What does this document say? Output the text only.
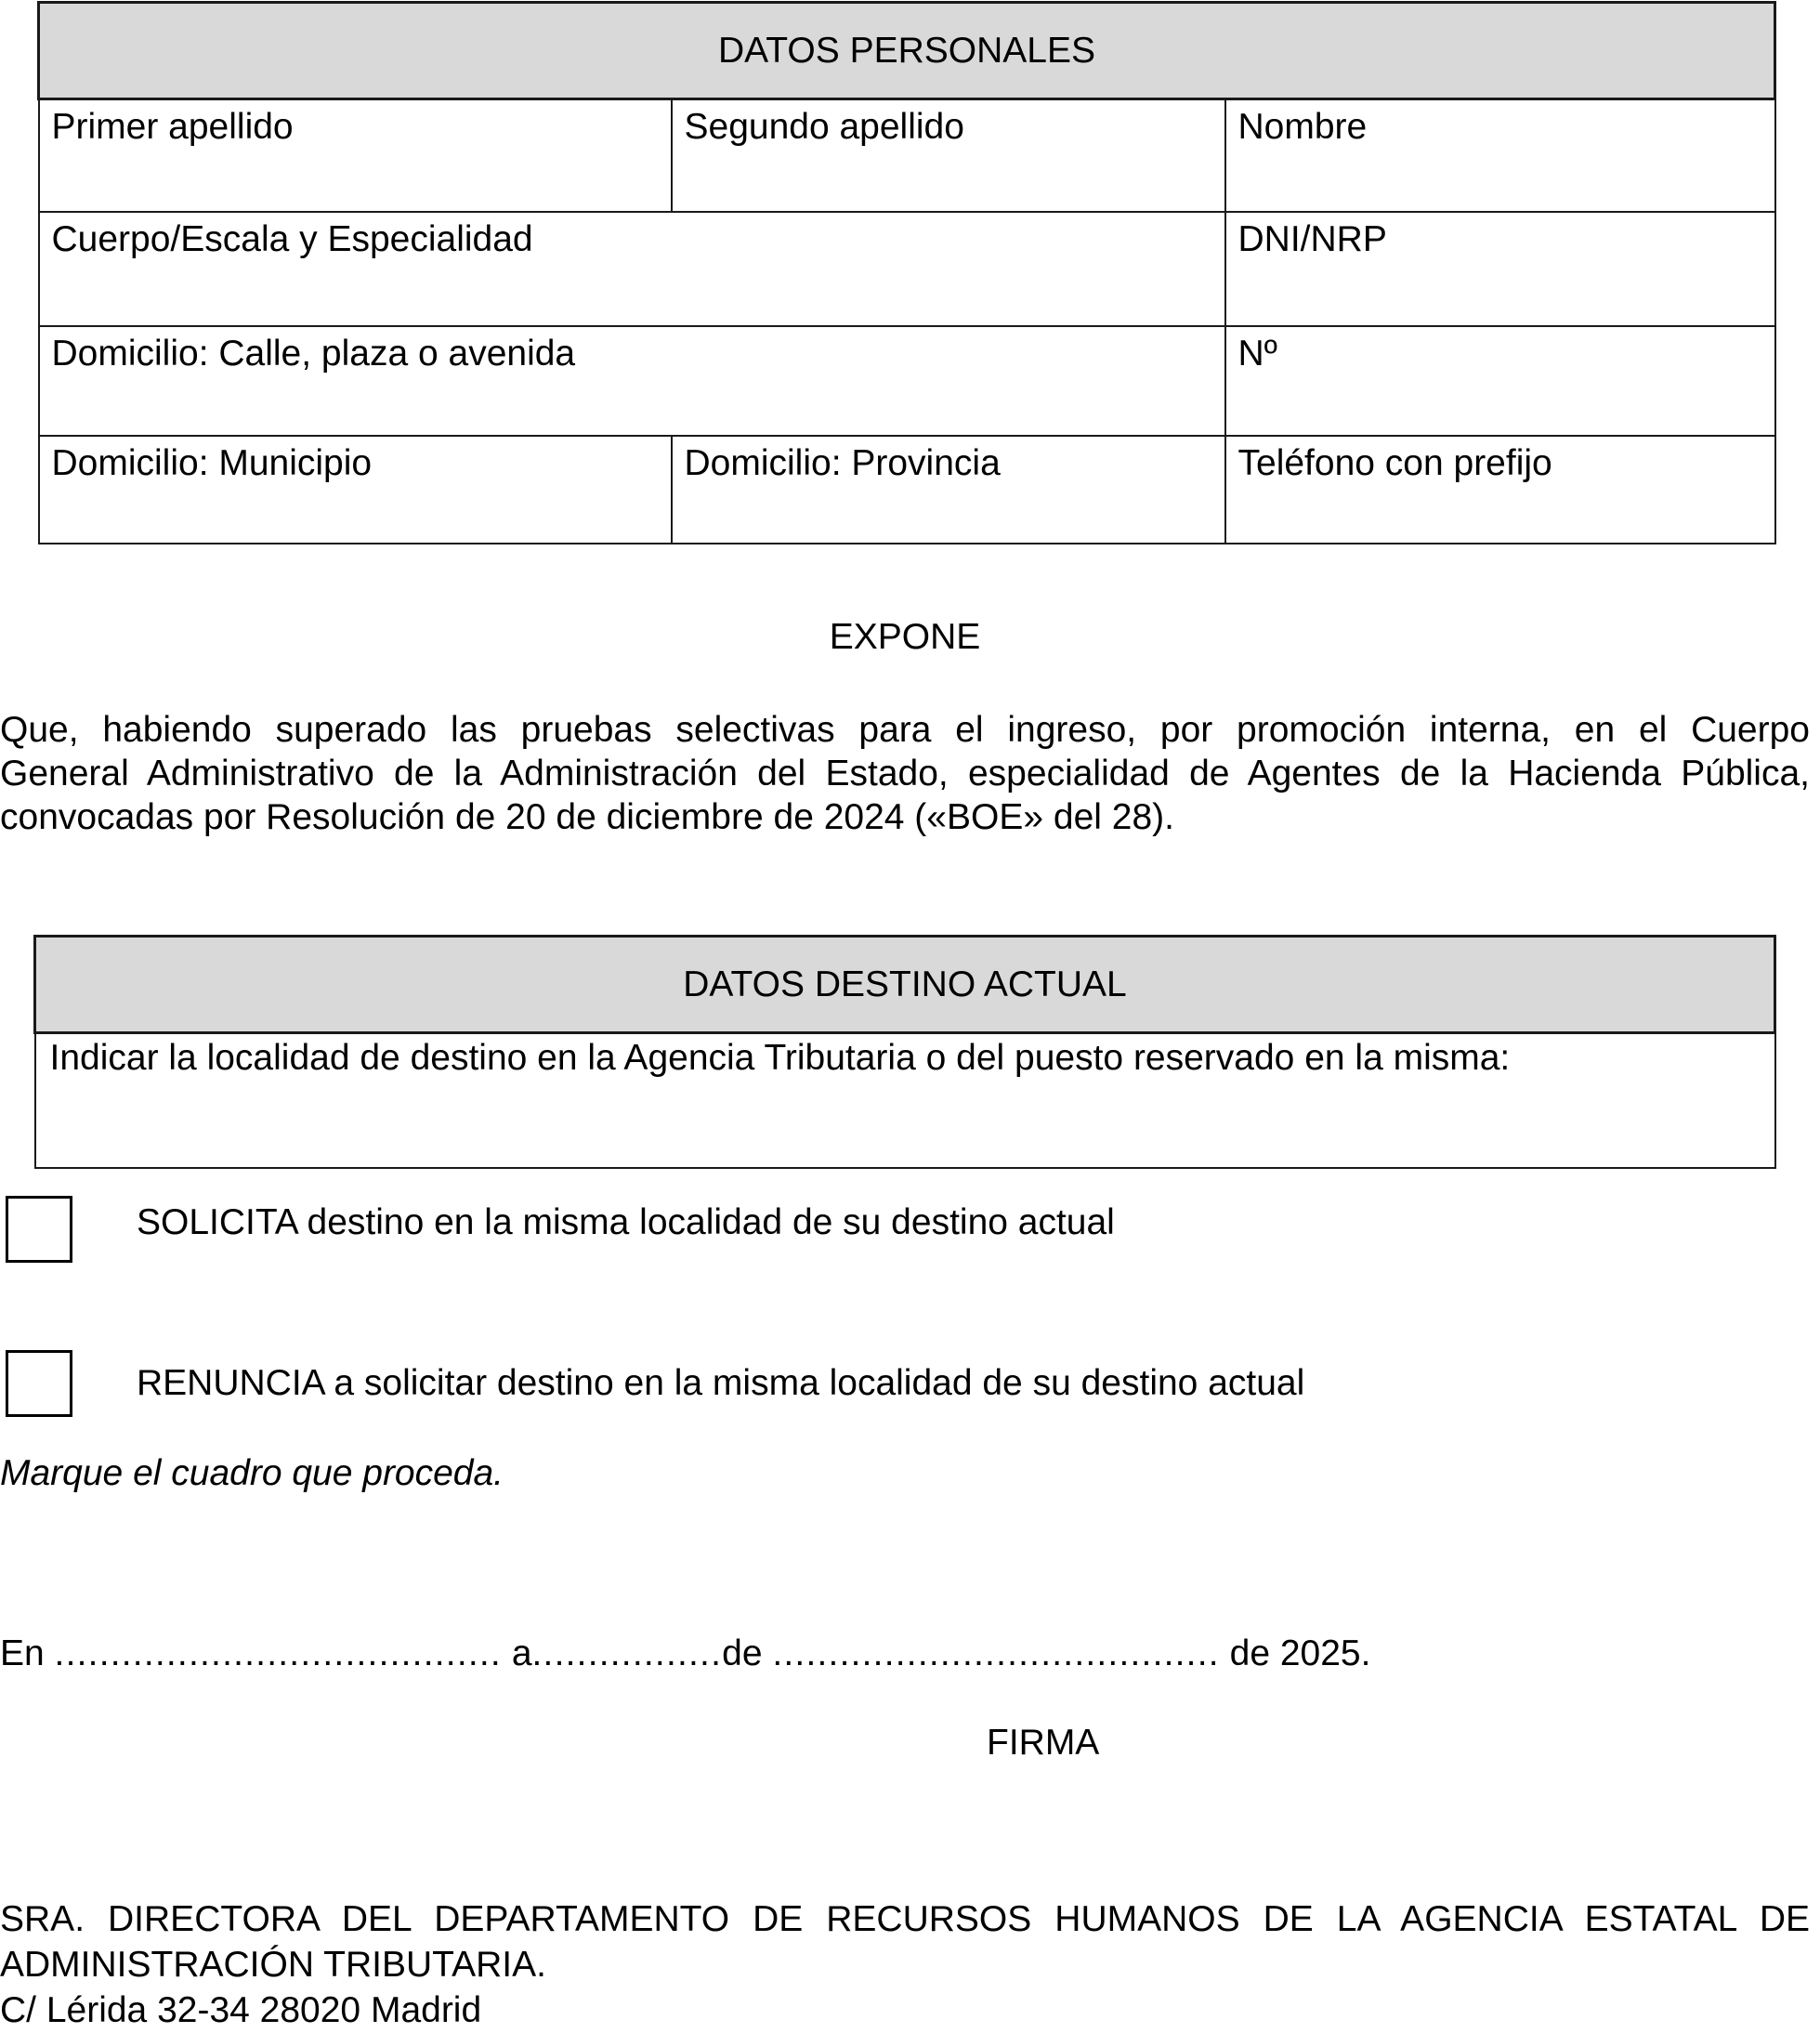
DATOS PERSONALES		

Primer apellido	Segundo apellido	Nombre

Cuerpo/Escala y Especialidad		DNI/NRP

Domicilio: Calle, plaza o avenida		Nº

Domicilio: Municipio	Domicilio: Provincia	Teléfono con prefijo
EXPONE
Que, habiendo superado las pruebas selectivas para el ingreso, por promoción interna, en el Cuerpo
General Administrativo de la Administración del Estado, especialidad de Agentes de la Hacienda Pública,
convocadas por Resolución de 20 de diciembre de 2024 («BOE» del 28).
DATOS DESTINO ACTUAL

Indicar la localidad de destino en la Agencia Tributaria o del puesto reservado en la misma:
SOLICITA destino en la misma localidad de su destino actual
RENUNCIA a solicitar destino en la misma localidad de su destino actual
Marque el cuadro que proceda.
En ........................................ a.................de ........................................ de 2025.
FIRMA
SRA. DIRECTORA DEL DEPARTAMENTO DE RECURSOS HUMANOS DE LA AGENCIA ESTATAL DE
ADMINISTRACIÓN TRIBUTARIA.
C/ Lérida 32-34 28020 Madrid
